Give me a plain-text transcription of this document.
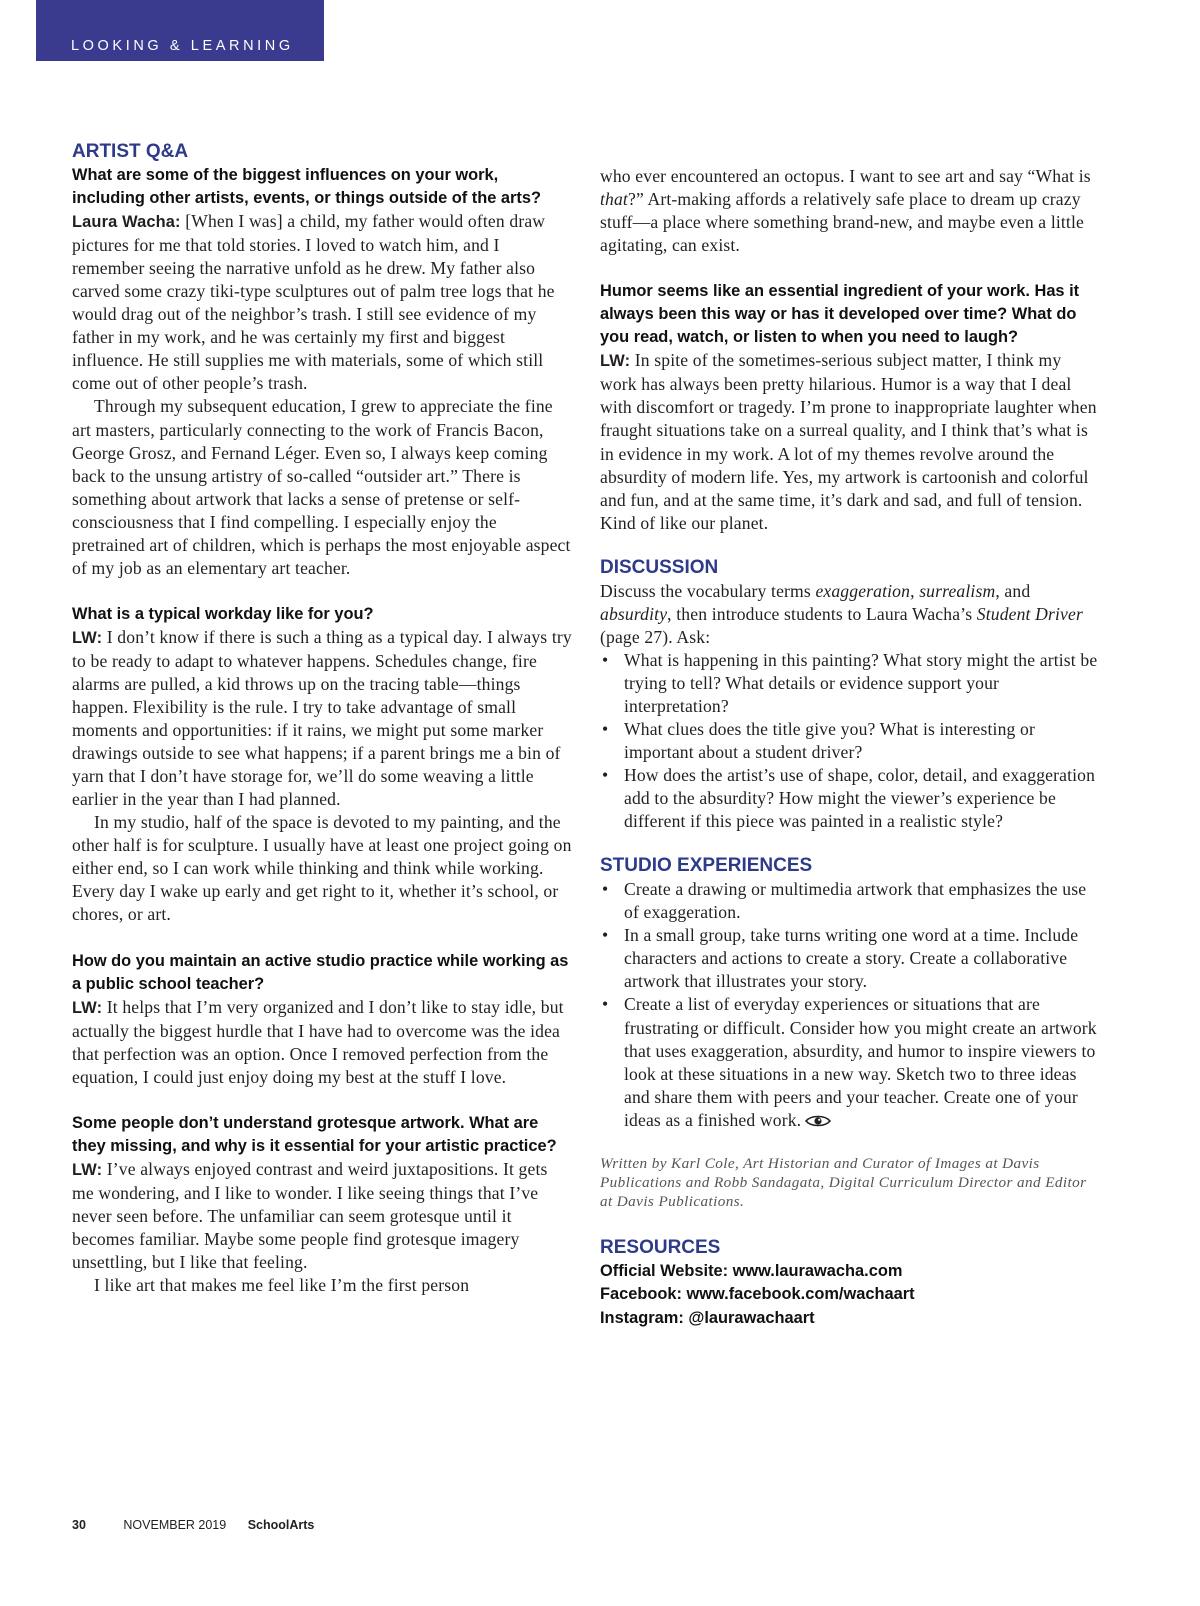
LOOKING & LEARNING
ARTIST Q&A

What are some of the biggest influences on your work, including other artists, events, or things outside of the arts?

Laura Wacha: [When I was] a child, my father would often draw pictures for me that told stories. I loved to watch him, and I remember seeing the narrative unfold as he drew. My father also carved some crazy tiki-type sculptures out of palm tree logs that he would drag out of the neighbor’s trash. I still see evidence of my father in my work, and he was certainly my first and biggest influence. He still supplies me with materials, some of which still come out of other people’s trash.

Through my subsequent education, I grew to appreciate the fine art masters, particularly connecting to the work of Francis Bacon, George Grosz, and Fernand Léger. Even so, I always keep coming back to the unsung artistry of so-called “outsider art.” There is something about artwork that lacks a sense of pretense or self-consciousness that I find compelling. I especially enjoy the pretrained art of children, which is perhaps the most enjoyable aspect of my job as an elementary art teacher.

What is a typical workday like for you?

LW: I don’t know if there is such a thing as a typical day. I always try to be ready to adapt to whatever happens. Schedules change, fire alarms are pulled, a kid throws up on the tracing table—things happen. Flexibility is the rule. I try to take advantage of small moments and opportunities: if it rains, we might put some marker drawings outside to see what happens; if a parent brings me a bin of yarn that I don’t have storage for, we’ll do some weaving a little earlier in the year than I had planned.

In my studio, half of the space is devoted to my painting, and the other half is for sculpture. I usually have at least one project going on either end, so I can work while thinking and think while working. Every day I wake up early and get right to it, whether it’s school, or chores, or art.

How do you maintain an active studio practice while working as a public school teacher?

LW: It helps that I’m very organized and I don’t like to stay idle, but actually the biggest hurdle that I have had to overcome was the idea that perfection was an option. Once I removed perfection from the equation, I could just enjoy doing my best at the stuff I love.

Some people don’t understand grotesque artwork. What are they missing, and why is it essential for your artistic practice?

LW: I’ve always enjoyed contrast and weird juxtapositions. It gets me wondering, and I like to wonder. I like seeing things that I’ve never seen before. The unfamiliar can seem grotesque until it becomes familiar. Maybe some people find grotesque imagery unsettling, but I like that feeling.

I like art that makes me feel like I’m the first person

who ever encountered an octopus. I want to see art and say “What is that?” Art-making affords a relatively safe place to dream up crazy stuff—a place where something brand-new, and maybe even a little agitating, can exist.

Humor seems like an essential ingredient of your work. Has it always been this way or has it developed over time? What do you read, watch, or listen to when you need to laugh?

LW: In spite of the sometimes-serious subject matter, I think my work has always been pretty hilarious. Humor is a way that I deal with discomfort or tragedy. I’m prone to inappropriate laughter when fraught situations take on a surreal quality, and I think that’s what is in evidence in my work. A lot of my themes revolve around the absurdity of modern life. Yes, my artwork is cartoonish and colorful and fun, and at the same time, it’s dark and sad, and full of tension. Kind of like our planet.

DISCUSSION

Discuss the vocabulary terms exaggeration, surrealism, and absurdity, then introduce students to Laura Wacha’s Student Driver (page 27). Ask:

• What is happening in this painting? What story might the artist be trying to tell? What details or evidence support your interpretation?
• What clues does the title give you? What is interesting or important about a student driver?
• How does the artist’s use of shape, color, detail, and exaggeration add to the absurdity? How might the viewer’s experience be different if this piece was painted in a realistic style?
STUDIO EXPERIENCES
• Create a drawing or multimedia artwork that emphasizes the use of exaggeration.
• In a small group, take turns writing one word at a time. Include characters and actions to create a story. Create a collaborative artwork that illustrates your story.
• Create a list of everyday experiences or situations that are frustrating or difficult. Consider how you might create an artwork that uses exaggeration, absurdity, and humor to inspire viewers to look at these situations in a new way. Sketch two to three ideas and share them with peers and your teacher. Create one of your ideas as a finished work.

Written by Karl Cole, Art Historian and Curator of Images at Davis Publications and Robb Sandagata, Digital Curriculum Director and Editor at Davis Publications.

RESOURCES

Official Website: www.laurawacha.com

Facebook: www.facebook.com/wachaart

Instagram: @laurawachaart

30	NOVEMBER 2019 SchoolArts
